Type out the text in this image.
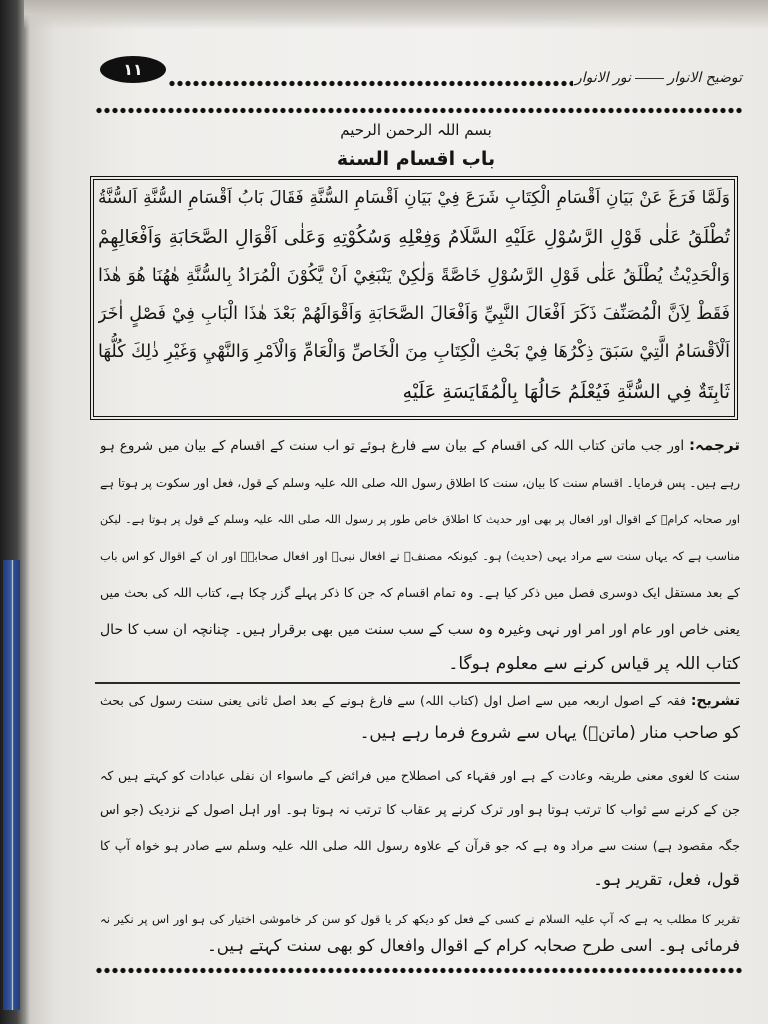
۱۱	توضیح الانوار
نور الانوار
بسم اللہ الرحمن الرحیم
باب اقسام السنة
وَلَمَّا فَرَغَ عَنْ بَيَانِ اَقْسَامِ الْكِتَابِ شَرَعَ فِيْ بَيَانِ اَقْسَامِ السُّنَّةِ فَقَالَ بَابُ اَقْسَامِ السُّنَّةِ اَلسُّنَّةُ
تُطْلَقُ عَلٰى قَوْلِ الرَّسُوْلِ عَلَيْهِ السَّلَامُ وَفِعْلِهِ وَسُكُوْتِهِ وَعَلٰى اَقْوَالِ الصَّحَابَةِ وَاَفْعَالِهِمْ
وَالْحَدِيْثُ يُطْلَقُ عَلٰى قَوْلِ الرَّسُوْلِ خَاصَّةً وَلٰكِنْ يَنْبَغِيْ اَنْ يَّكُوْنَ الْمُرَادُ بِالسُّنَّةِ هٰهُنَا هُوَ هٰذَا
فَقَطْ لِاَنَّ الْمُصَنِّفَ ذَكَرَ اَفْعَالَ النَّبِيِّ وَاَفْعَالَ الصَّحَابَةِ وَاَقْوَالَهُمْ بَعْدَ هٰذَا الْبَابِ فِيْ فَصْلٍ اٰخَرَ
اَلْاَقْسَامُ الَّتِيْ سَبَقَ ذِكْرُهَا فِيْ بَحْثِ الْكِتَابِ مِنَ الْخَاصِّ وَالْعَامِّ وَالْاَمْرِ وَالنَّهْيِ وَغَيْرِ ذٰلِكَ كُلُّهَا
ثَابِتَةٌ فِي السُّنَّةِ فَيُعْلَمُ حَالُهَا بِالْمُقَايَسَةِ عَلَيْهِ
ترجمہ: اور جب ماتن کتاب اللہ کی اقسام کے بیان سے فارغ ہوئے تو اب سنت کے اقسام کے بیان میں شروع ہو
رہے ہیں۔ پس فرمایا۔ اقسام سنت کا بیان، سنت کا اطلاق رسول اللہ صلی اللہ علیہ وسلم کے قول، فعل اور سکوت پر ہوتا ہے
اور صحابہ کرامؓ کے اقوال اور افعال پر بھی اور حدیث کا اطلاق خاص طور پر رسول اللہ صلی اللہ علیہ وسلم کے قول پر ہوتا ہے۔ لیکن
مناسب ہے کہ یہاں سنت سے مراد یہی (حدیث) ہو۔ کیونکہ مصنفؒ نے افعال نبیؐ اور افعال صحابہؓ اور ان کے اقوال کو اس باب
کے بعد مستقل ایک دوسری فصل میں ذکر کیا ہے۔ وہ تمام اقسام کہ جن کا ذکر پہلے گزر چکا ہے، کتاب اللہ کی بحث میں
یعنی خاص اور عام اور امر اور نہی وغیرہ وہ سب کے سب سنت میں بھی برقرار ہیں۔ چنانچہ ان سب کا حال
کتاب اللہ پر قیاس کرنے سے معلوم ہوگا۔
تشریح: فقہ کے اصول اربعہ میں سے اصل اول (کتاب اللہ) سے فارغ ہونے کے بعد اصل ثانی یعنی سنت رسول کی بحث
کو صاحب منار (ماتنؒ) یہاں سے شروع فرما رہے ہیں۔
سنت کا لغوی معنی طریقہ وعادت کے ہے اور فقہاء کی اصطلاح میں فرائض کے ماسواء ان نفلی عبادات کو کہتے ہیں کہ
جن کے کرنے سے ثواب کا ترتب ہوتا ہو اور ترک کرنے پر عقاب کا ترتب نہ ہوتا ہو۔ اور اہل اصول کے نزدیک (جو اس
جگہ مقصود ہے) سنت سے مراد وہ ہے کہ جو قرآن کے علاوہ رسول اللہ صلی اللہ علیہ وسلم سے صادر ہو خواہ آپ کا
قول، فعل، تقریر ہو۔
تقریر کا مطلب یہ ہے کہ آپ علیہ السلام نے کسی کے فعل کو دیکھ کر یا قول کو سن کر خاموشی اختیار کی ہو اور اس پر نکیر نہ
فرمائی ہو۔ اسی طرح صحابہ کرام کے اقوال وافعال کو بھی سنت کہتے ہیں۔
